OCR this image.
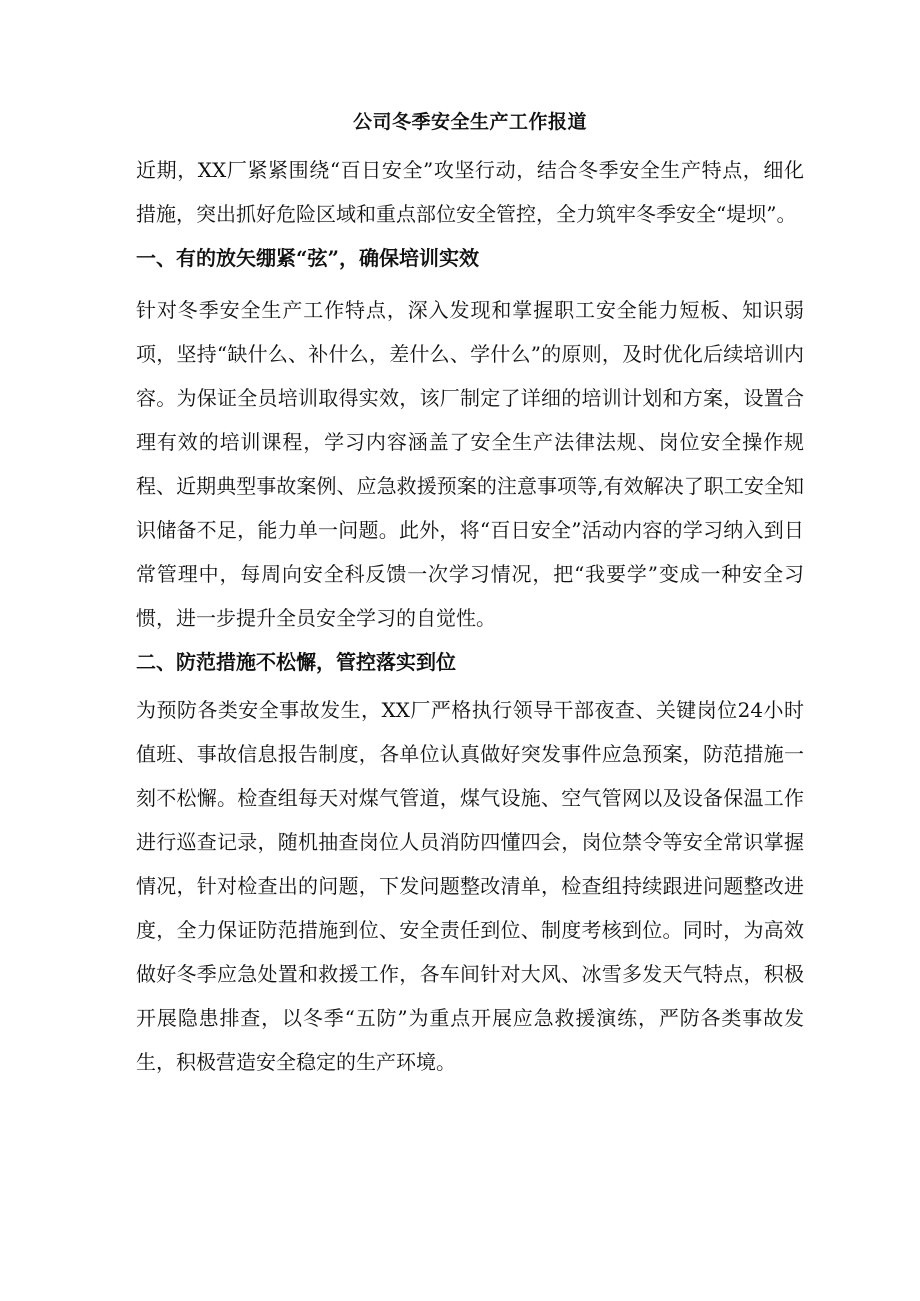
公司冬季安全生产工作报道

近期，XX厂紧紧围绕“百日安全”攻坚行动，结合冬季安全生产特点，细化措施，突出抓好危险区域和重点部位安全管控，全力筑牢冬季安全“堤坝”。

一、有的放矢绷紧“弦”，确保培训实效

针对冬季安全生产工作特点，深入发现和掌握职工安全能力短板、知识弱项，坚持“缺什么、补什么，差什么、学什么”的原则，及时优化后续培训内容。为保证全员培训取得实效，该厂制定了详细的培训计划和方案，设置合理有效的培训课程，学习内容涵盖了安全生产法律法规、岗位安全操作规程、近期典型事故案例、应急救援预案的注意事项等,有效解决了职工安全知识储备不足，能力单一问题。此外，将“百日安全”活动内容的学习纳入到日常管理中，每周向安全科反馈一次学习情况，把“我要学”变成一种安全习惯，进一步提升全员安全学习的自觉性。

二、防范措施不松懈，管控落实到位

为预防各类安全事故发生，XX厂严格执行领导干部夜查、关键岗位24小时值班、事故信息报告制度，各单位认真做好突发事件应急预案，防范措施一刻不松懈。检查组每天对煤气管道，煤气设施、空气管网以及设备保温工作进行巡查记录，随机抽查岗位人员消防四懂四会，岗位禁令等安全常识掌握情况，针对检查出的问题，下发问题整改清单，检查组持续跟进问题整改进度，全力保证防范措施到位、安全责任到位、制度考核到位。同时，为高效做好冬季应急处置和救援工作，各车间针对大风、冰雪多发天气特点，积极开展隐患排查，以冬季“五防”为重点开展应急救援演练，严防各类事故发生，积极营造安全稳定的生产环境。
